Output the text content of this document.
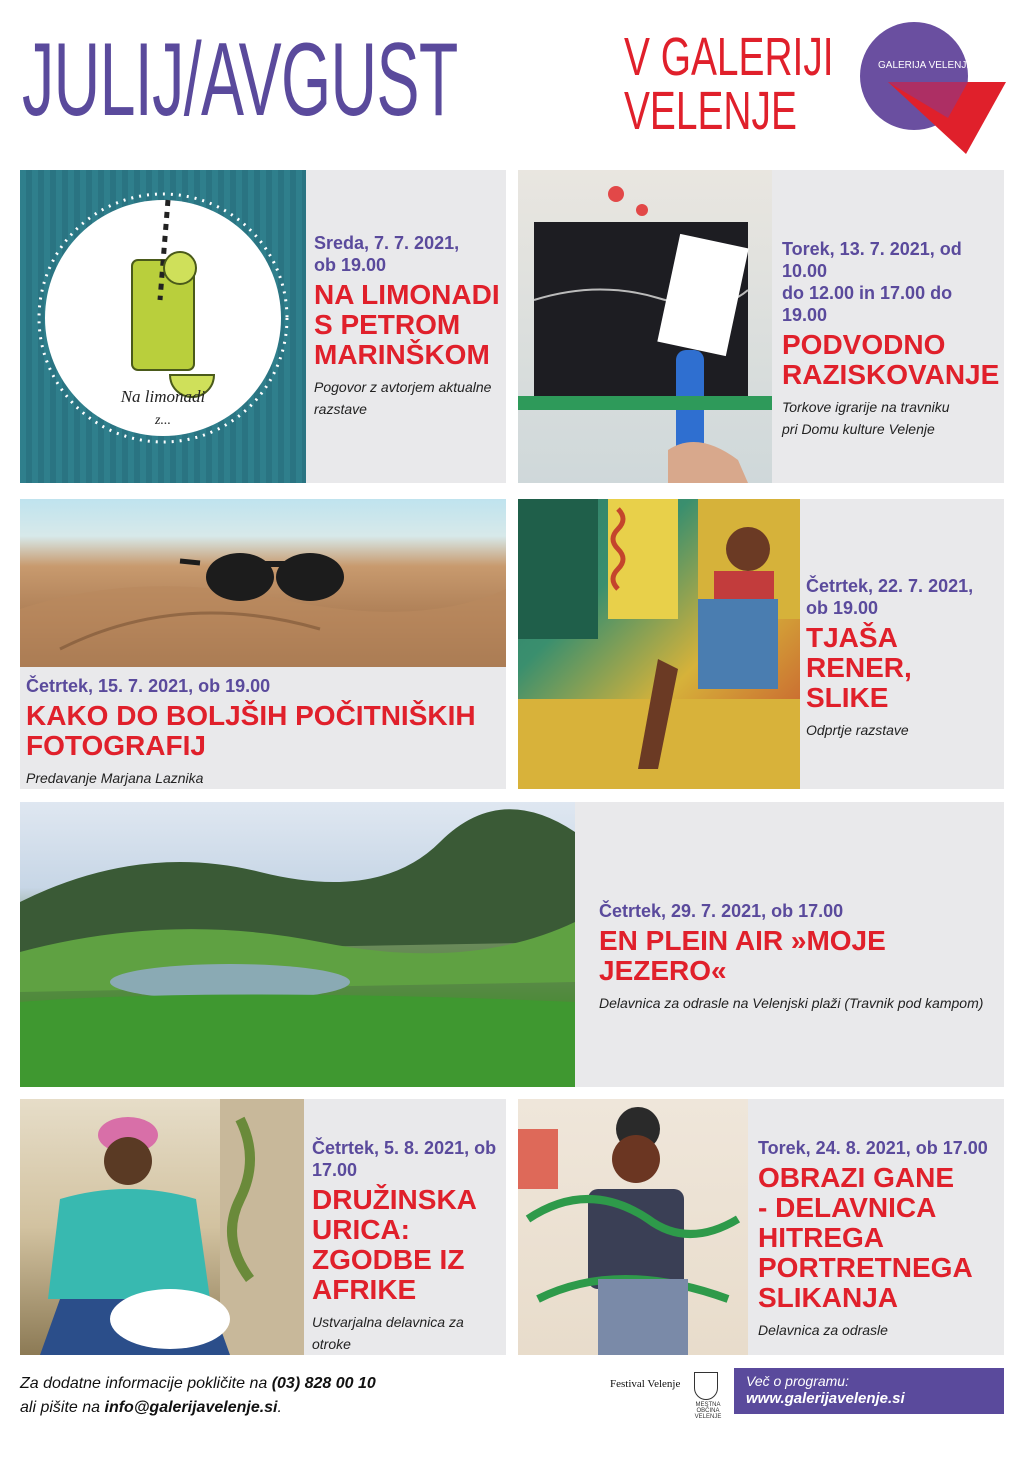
JULIJ/AVGUST	V GALERIJI
VELENJE
GALERIJA VELENJE
Na limonadi
z...
Sreda, 7. 7. 2021,
ob 19.00
NA LIMONADI
S PETROM
MARINŠKOM
Pogovor z avtorjem aktualne
razstave
Torek, 13. 7. 2021, od 10.00
do 12.00 in 17.00 do 19.00
PODVODNO
RAZISKOVANJE
Torkove igrarije na travniku
pri Domu kulture Velenje
Četrtek, 15. 7. 2021, ob 19.00
KAKO DO BOLJŠIH POČITNIŠKIH
FOTOGRAFIJ
Predavanje Marjana Laznika
Četrtek, 22. 7. 2021,
ob 19.00
TJAŠA RENER,
SLIKE
Odprtje razstave
Četrtek, 29. 7. 2021, ob 17.00
EN PLEIN AIR »MOJE JEZERO«
Delavnica za odrasle na Velenjski plaži (Travnik pod kampom)
Četrtek, 5. 8. 2021, ob
17.00
DRUŽINSKA
URICA:
ZGODBE IZ
AFRIKE
Ustvarjalna delavnica za
otroke
Torek, 24. 8. 2021, ob 17.00
OBRAZI GANE
- DELAVNICA
HITREGA
PORTRETNEGA
SLIKANJA
Delavnica za odrasle
Za dodatne informacije pokličite na (03) 828 00 10
ali pišite na info@galerijavelenje.si.
Festival Velenje
MESTNA OBČINA VELENJE
Več o programu:
www.galerijavelenje.si
